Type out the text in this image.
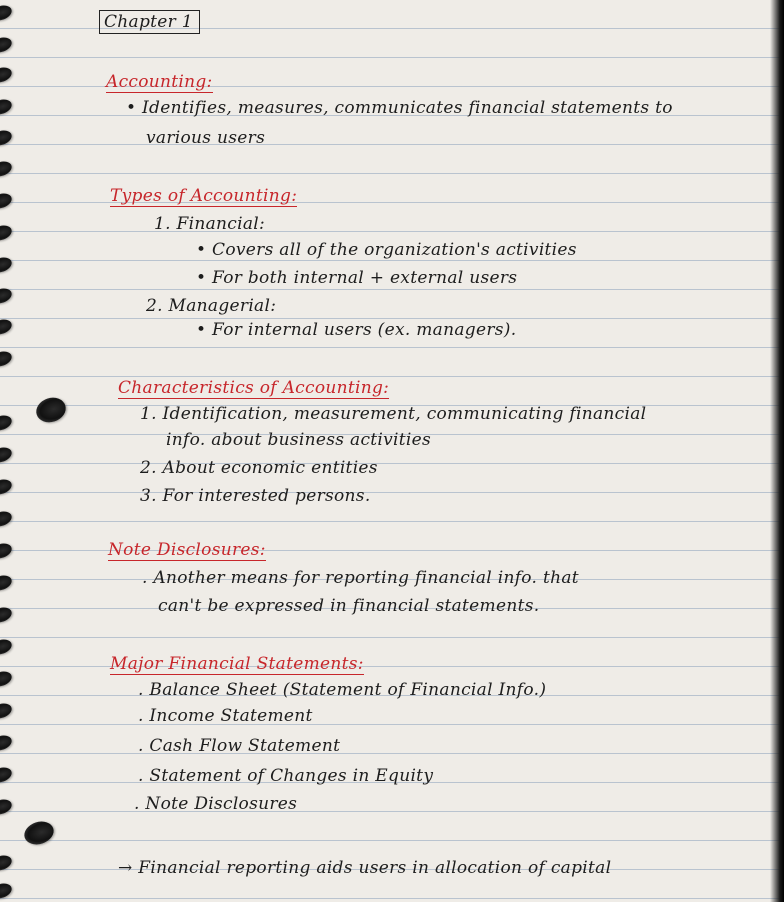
Chapter 1
Accounting:
• Identifies, measures, communicates financial statements to
various users
Types of Accounting:
1. Financial:
• Covers all of the organization's activities
• For both internal + external users
2. Managerial:
• For internal users (ex. managers).
Characteristics of Accounting:
1. Identification, measurement, communicating financial
info. about business activities
2. About economic entities
3. For interested persons.
Note Disclosures:
. Another means for reporting financial info. that
can't be expressed in financial statements.
Major Financial Statements:
. Balance Sheet (Statement of Financial Info.)
. Income Statement
. Cash Flow Statement
. Statement of Changes in Equity
. Note Disclosures
→ Financial reporting aids users in allocation of capital
